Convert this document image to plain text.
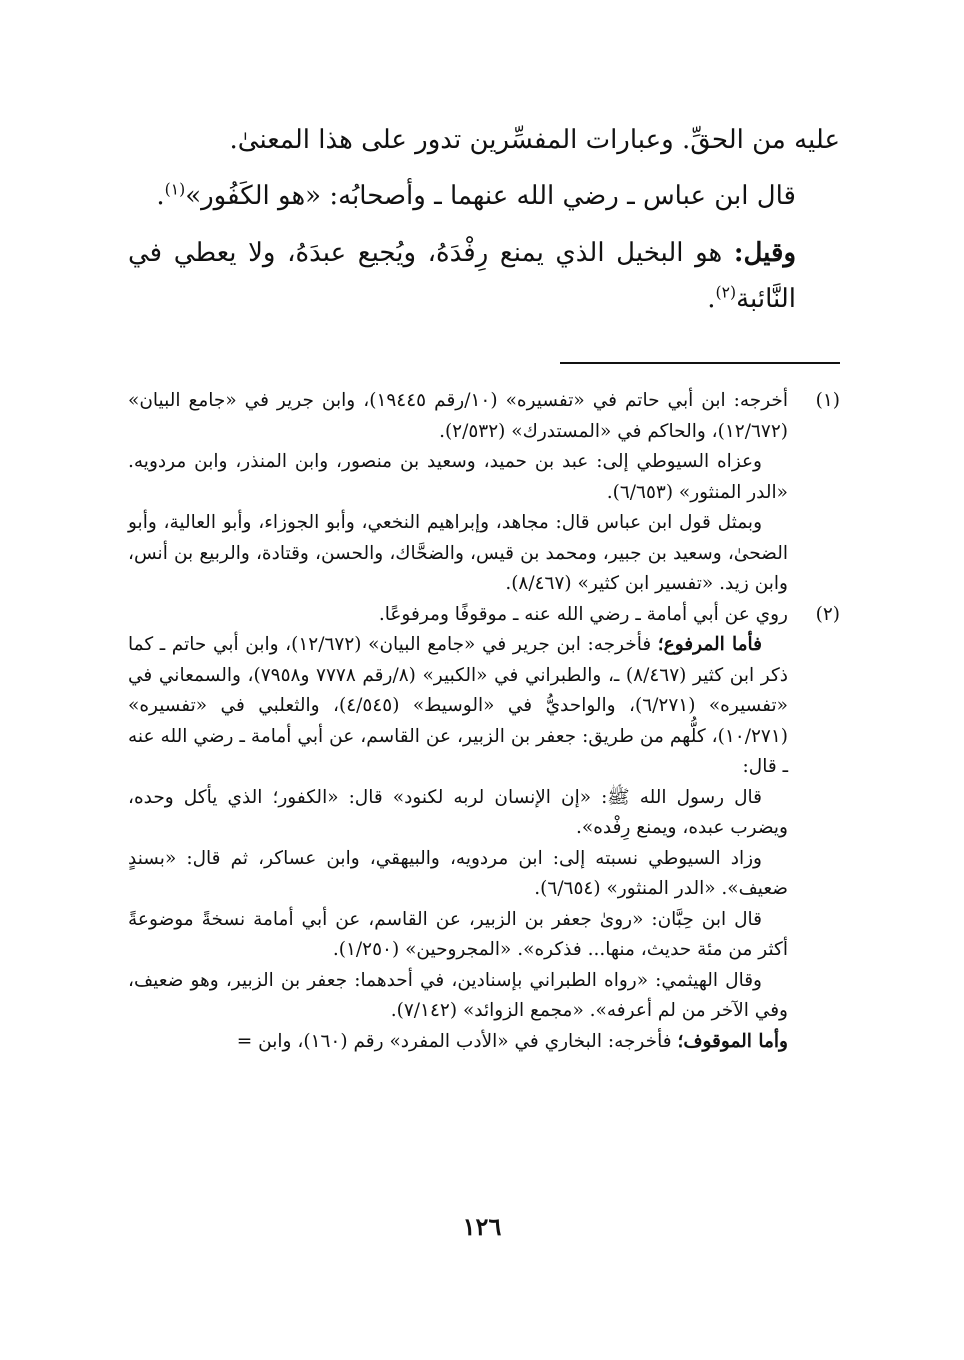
عليه من الحقِّ. وعبارات المفسِّرين تدور على هذا المعنىٰ.

قال ابن عباس ـ رضي الله عنهما ـ وأصحابُه: «هو الكَفُور»$^{(١)}$.

وقيل: هو البخيل الذي يمنع رِفْدَهُ، ويُجيع عبدَهُ، ولا يعطي في النَّائبة$^{(٢)}$.

(١)

أخرجه: ابن أبي حاتم في «تفسيره» (١٠/رقم ١٩٤٤٥)، وابن جرير في «جامع البيان» (١٢/٦٧٢)، والحاكم في «المستدرك» (٢/٥٣٢).

وعزاه السيوطي إلى: عبد بن حميد، وسعيد بن منصور، وابن المنذر، وابن مردويه. «الدر المنثور» (٦/٦٥٣).

وبمثل قول ابن عباس قال: مجاهد، وإبراهيم النخعي، وأبو الجوزاء، وأبو العالية، وأبو الضحىٰ، وسعيد بن جبير، ومحمد بن قيس، والضحَّاك، والحسن، وقتادة، والربيع بن أنس، وابن زيد. «تفسير ابن كثير» (٨/٤٦٧).

(٢)

روي عن أبي أمامة ـ رضي الله عنه ـ موقوفًا ومرفوعًا.

فأما المرفوع؛ فأخرجه: ابن جرير في «جامع البيان» (١٢/٦٧٢)، وابن أبي حاتم ـ كما ذكر ابن كثير (٨/٤٦٧) ـ، والطبراني في «الكبير» (٨/رقم ٧٧٧٨ و٧٩٥٨)، والسمعاني في «تفسيره» (٦/٢٧١)، والواحديُّ في «الوسيط» (٤/٥٤٥)، والثعلبي في «تفسيره» (١٠/٢٧١)، كلُّهم من طريق: جعفر بن الزبير، عن القاسم، عن أبي أمامة ـ رضي الله عنه ـ قال:

قال رسول الله ﷺ: «إن الإنسان لربه لكنود» قال: «الكفور؛ الذي يأكل وحده، ويضرب عبده، ويمنع رِفْده».

وزاد السيوطي نسبته إلى: ابن مردويه، والبيهقي، وابن عساكر، ثم قال: «بسندٍ ضعيف». «الدر المنثور» (٦/٦٥٤).

قال ابن حِبَّان: «روىٰ جعفر بن الزبير، عن القاسم، عن أبي أمامة نسخةً موضوعةً أكثر من مئة حديث، منها... فذكره». «المجروحين» (١/٢٥٠).

وقال الهيثمي: «رواه الطبراني بإسنادين، في أحدهما: جعفر بن الزبير، وهو ضعيف، وفي الآخر من لم أعرفه». «مجمع الزوائد» (٧/١٤٢).

وأما الموقوف؛ فأخرجه: البخاري في «الأدب المفرد» رقم (١٦٠)، وابن =

١٢٦
